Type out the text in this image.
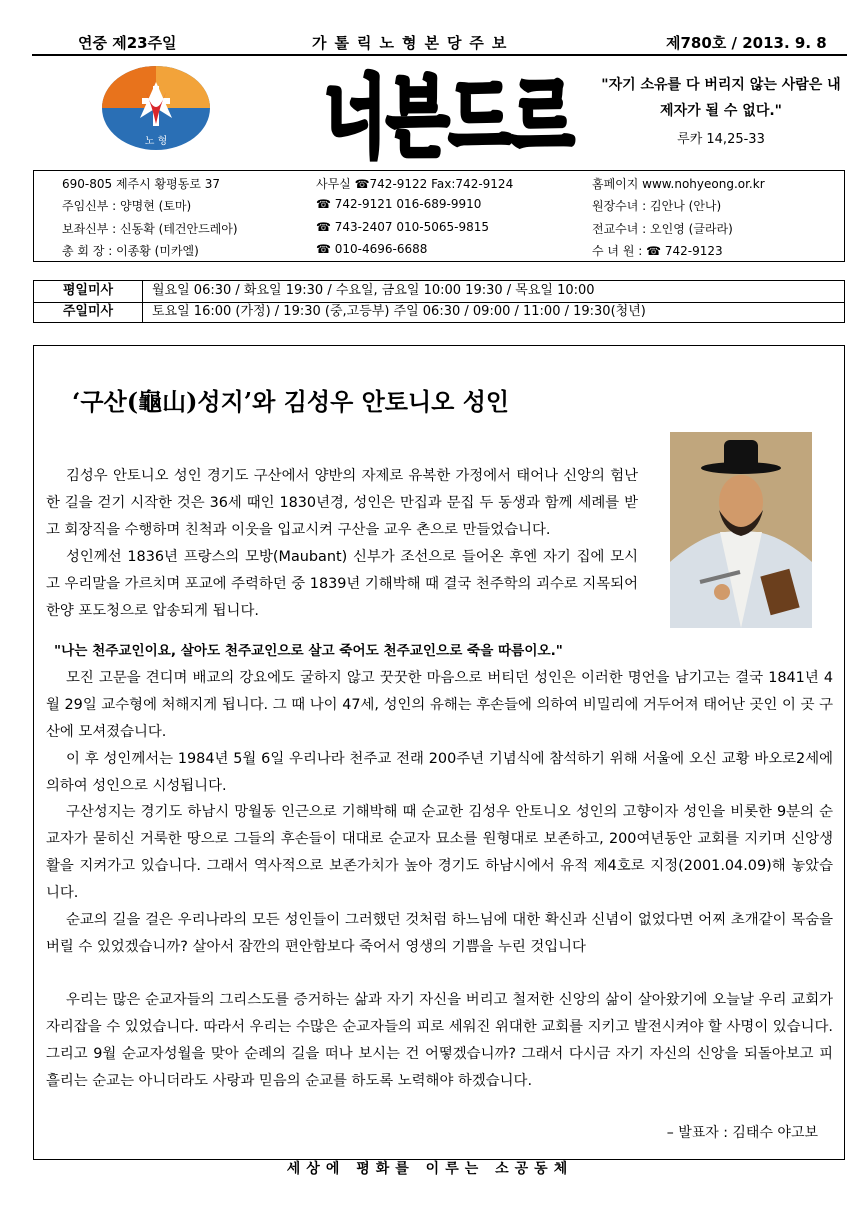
연중 제23주일	가톨릭노형본당주보	제780호 / 2013. 9. 8
노 형 너븐드르	"자기 소유를 다 버리지 않는 사람은 내 제자가 될 수 없다."
루카 14,25-33
690-805 제주시 황평동로 37	사무실 ☎742-9122 Fax:742-9124	홈페이지 www.nohyeong.or.kr
주임신부 : 양명현 (토마)	☎ 742-9121 016-689-9910	원장수녀 : 김안나 (안나)
보좌신부 : 신동확 (테건안드레아)	☎ 743-2407 010-5065-9815	전교수녀 : 오인영 (글라라)
총 회 장 : 이종황 (미카엘)	☎ 010-4696-6688	수 녀 원 : ☎ 742-9123
평일미사	월요일 06:30 / 화요일 19:30 / 수요일, 금요일 10:00 19:30 / 목요일 10:00
주일미사	토요일 16:00 (가정) / 19:30 (중,고등부) 주일 06:30 / 09:00 / 11:00 / 19:30(청년)
‘구산(龜山)성지’와 김성우 안토니오 성인

김성우 안토니오 성인 경기도 구산에서 양반의 자제로 유복한 가정에서 태어나 신앙의 험난한 길을 걷기 시작한 것은 36세 때인 1830년경, 성인은 만집과 문집 두 동생과 함께 세례를 받고 회장직을 수행하며 친척과 이웃을 입교시켜 구산을 교우 촌으로 만들었습니다.

성인께선 1836년 프랑스의 모방(Maubant) 신부가 조선으로 들어온 후엔 자기 집에 모시고 우리말을 가르치며 포교에 주력하던 중 1839년 기해박해 때 결국 천주학의 괴수로 지목되어 한양 포도청으로 압송되게 됩니다.

"나는 천주교인이요, 살아도 천주교인으로 살고 죽어도 천주교인으로 죽을 따름이오."

모진 고문을 견디며 배교의 강요에도 굴하지 않고 꿋꿋한 마음으로 버티던 성인은 이러한 명언을 남기고는 결국 1841년 4월 29일 교수형에 처해지게 됩니다. 그 때 나이 47세, 성인의 유해는 후손들에 의하여 비밀리에 거두어져 태어난 곳인 이 곳 구산에 모셔졌습니다.

이 후 성인께서는 1984년 5월 6일 우리나라 천주교 전래 200주년 기념식에 참석하기 위해 서울에 오신 교황 바오로2세에 의하여 성인으로 시성됩니다.

구산성지는 경기도 하남시 망월동 인근으로 기해박해 때 순교한 김성우 안토니오 성인의 고향이자 성인을 비롯한 9분의 순교자가 묻히신 거룩한 땅으로 그들의 후손들이 대대로 순교자 묘소를 원형대로 보존하고, 200여년동안 교회를 지키며 신앙생활을 지켜가고 있습니다. 그래서 역사적으로 보존가치가 높아 경기도 하남시에서 유적 제4호로 지정(2001.04.09)해 놓았습니다.

순교의 길을 걸은 우리나라의 모든 성인들이 그러했던 것처럼 하느님에 대한 확신과 신념이 없었다면 어찌 초개같이 목숨을 버릴 수 있었겠습니까? 살아서 잠깐의 편안함보다 죽어서 영생의 기쁨을 누린 것입니다

우리는 많은 순교자들의 그리스도를 증거하는 삶과 자기 자신을 버리고 철저한 신앙의 삶이 살아왔기에 오늘날 우리 교회가 자리잡을 수 있었습니다. 따라서 우리는 수많은 순교자들의 피로 세워진 위대한 교회를 지키고 발전시켜야 할 사명이 있습니다. 그리고 9월 순교자성월을 맞아 순례의 길을 떠나 보시는 건 어떻겠습니까? 그래서 다시금 자기 자신의 신앙을 되돌아보고 피 흘리는 순교는 아니더라도 사랑과 믿음의 순교를 하도록 노력해야 하겠습니다.

– 발표자 : 김태수 야고보
세상에 평화를 이루는 소공동체
